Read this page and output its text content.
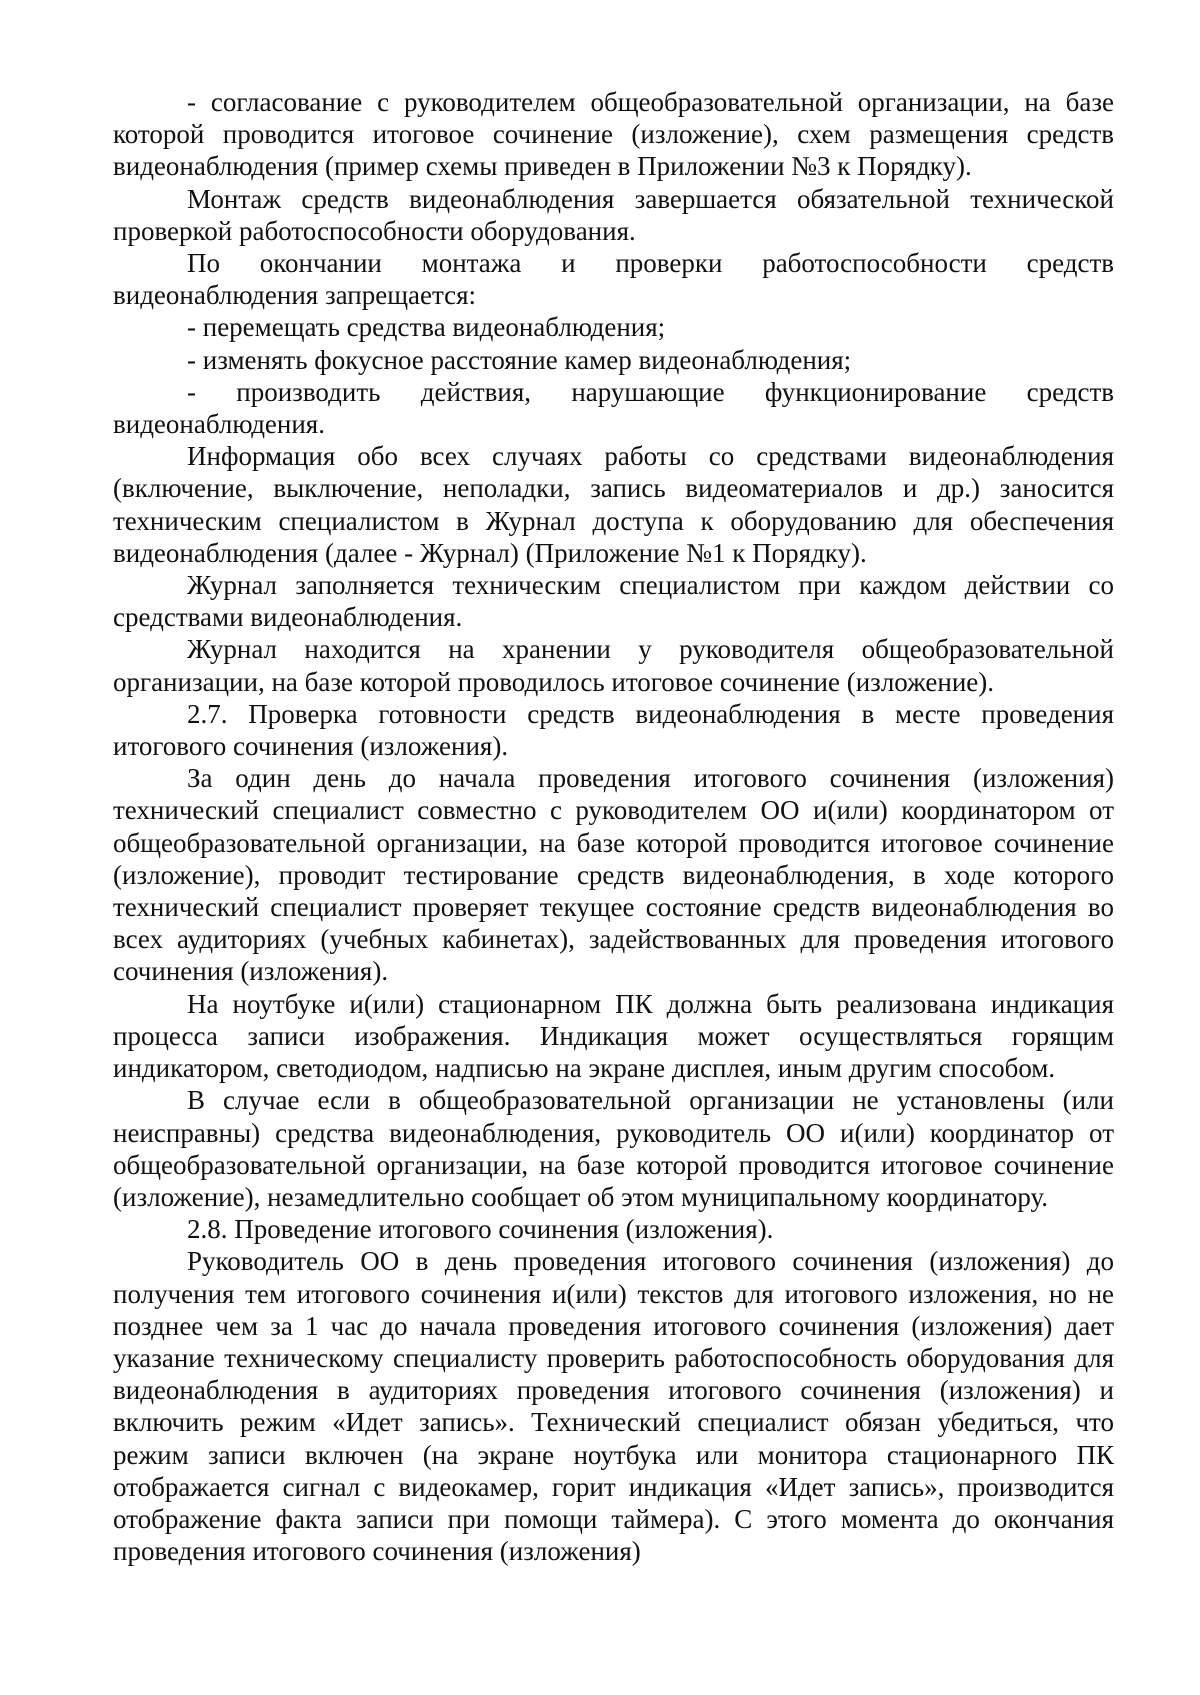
- согласование с руководителем общеобразовательной организации, на базе которой проводится итоговое сочинение (изложение), схем размещения средств видеонаблюдения (пример схемы приведен в Приложении №3 к Порядку).

Монтаж средств видеонаблюдения завершается обязательной технической проверкой работоспособности оборудования.

По окончании монтажа и проверки работоспособности средств видеонаблюдения запрещается:

- перемещать средства видеонаблюдения;

- изменять фокусное расстояние камер видеонаблюдения;

- производить действия, нарушающие функционирование средств видеонаблюдения.

Информация обо всех случаях работы со средствами видеонаблюдения (включение, выключение, неполадки, запись видеоматериалов и др.) заносится техническим специалистом в Журнал доступа к оборудованию для обеспечения видеонаблюдения (далее - Журнал) (Приложение №1 к Порядку).

Журнал заполняется техническим специалистом при каждом действии со средствами видеонаблюдения.

Журнал находится на хранении у руководителя общеобразовательной организации, на базе которой проводилось итоговое сочинение (изложение).

2.7. Проверка готовности средств видеонаблюдения в месте проведения итогового сочинения (изложения).

За один день до начала проведения итогового сочинения (изложения) технический специалист совместно с руководителем ОО и(или) координатором от общеобразовательной организации, на базе которой проводится итоговое сочинение (изложение), проводит тестирование средств видеонаблюдения, в ходе которого технический специалист проверяет текущее состояние средств видеонаблюдения во всех аудиториях (учебных кабинетах), задействованных для проведения итогового сочинения (изложения).

На ноутбуке и(или) стационарном ПК должна быть реализована индикация процесса записи изображения. Индикация может осуществляться горящим индикатором, светодиодом, надписью на экране дисплея, иным другим способом.

В случае если в общеобразовательной организации не установлены (или неисправны) средства видеонаблюдения, руководитель ОО и(или) координатор от общеобразовательной организации, на базе которой проводится итоговое сочинение (изложение), незамедлительно сообщает об этом муниципальному координатору.

2.8. Проведение итогового сочинения (изложения).

Руководитель ОО в день проведения итогового сочинения (изложения) до получения тем итогового сочинения и(или) текстов для итогового изложения, но не позднее чем за 1 час до начала проведения итогового сочинения (изложения) дает указание техническому специалисту проверить работоспособность оборудования для видеонаблюдения в аудиториях проведения итогового сочинения (изложения) и включить режим «Идет запись». Технический специалист обязан убедиться, что режим записи включен (на экране ноутбука или монитора стационарного ПК отображается сигнал с видеокамер, горит индикация «Идет запись», производится отображение факта записи при помощи таймера). С этого момента до окончания проведения итогового сочинения (изложения)
